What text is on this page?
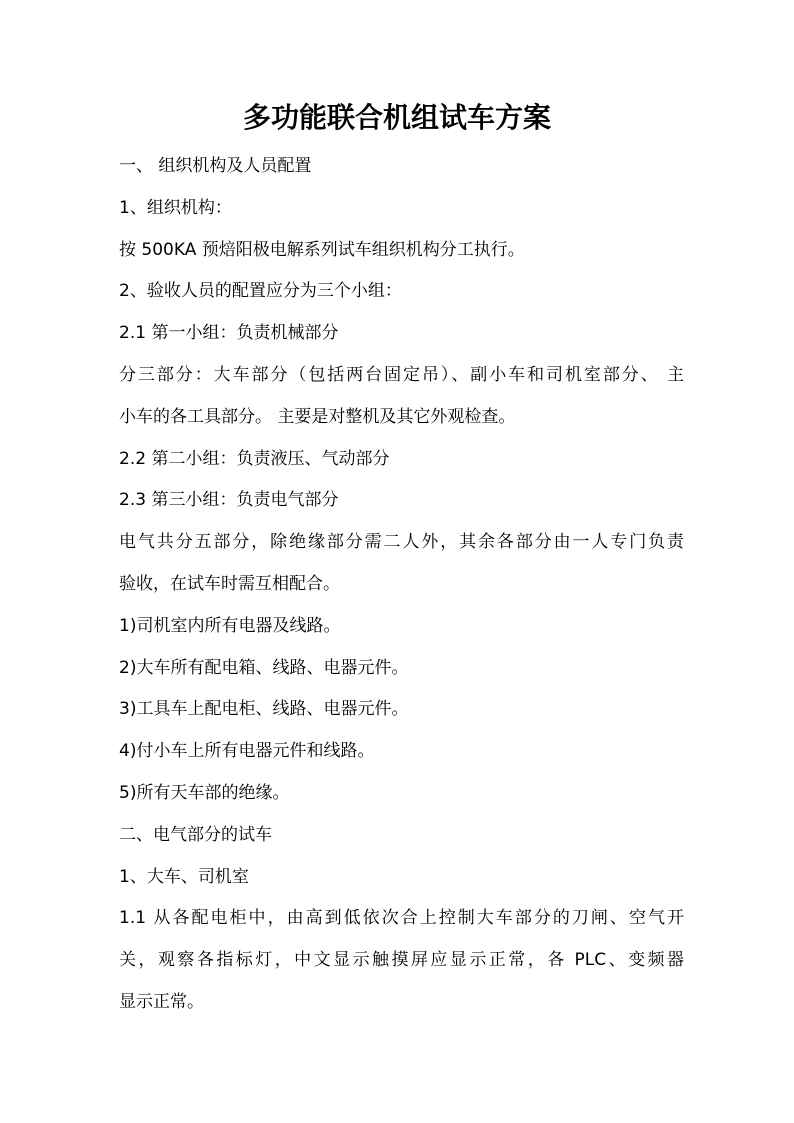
多功能联合机组试车方案

一、 组织机构及人员配置

1、组织机构：

按 500KA 预焙阳极电解系列试车组织机构分工执行。

2、验收人员的配置应分为三个小组：

2.1 第一小组：负责机械部分

分三部分：大车部分（包括两台固定吊）、副小车和司机室部分、 主

小车的各工具部分。 主要是对整机及其它外观检查。

2.2 第二小组：负责液压、气动部分

2.3 第三小组：负责电气部分

电气共分五部分，除绝缘部分需二人外，其余各部分由一人专门负责

验收，在试车时需互相配合。

1)司机室内所有电器及线路。

2)大车所有配电箱、线路、电器元件。

3)工具车上配电柜、线路、电器元件。

4)付小车上所有电器元件和线路。

5)所有天车部的绝缘。

二、电气部分的试车

1、大车、司机室

1.1 从各配电柜中，由高到低依次合上控制大车部分的刀闸、空气开

关，观察各指标灯，中文显示触摸屏应显示正常，各 PLC、变频器

显示正常。
